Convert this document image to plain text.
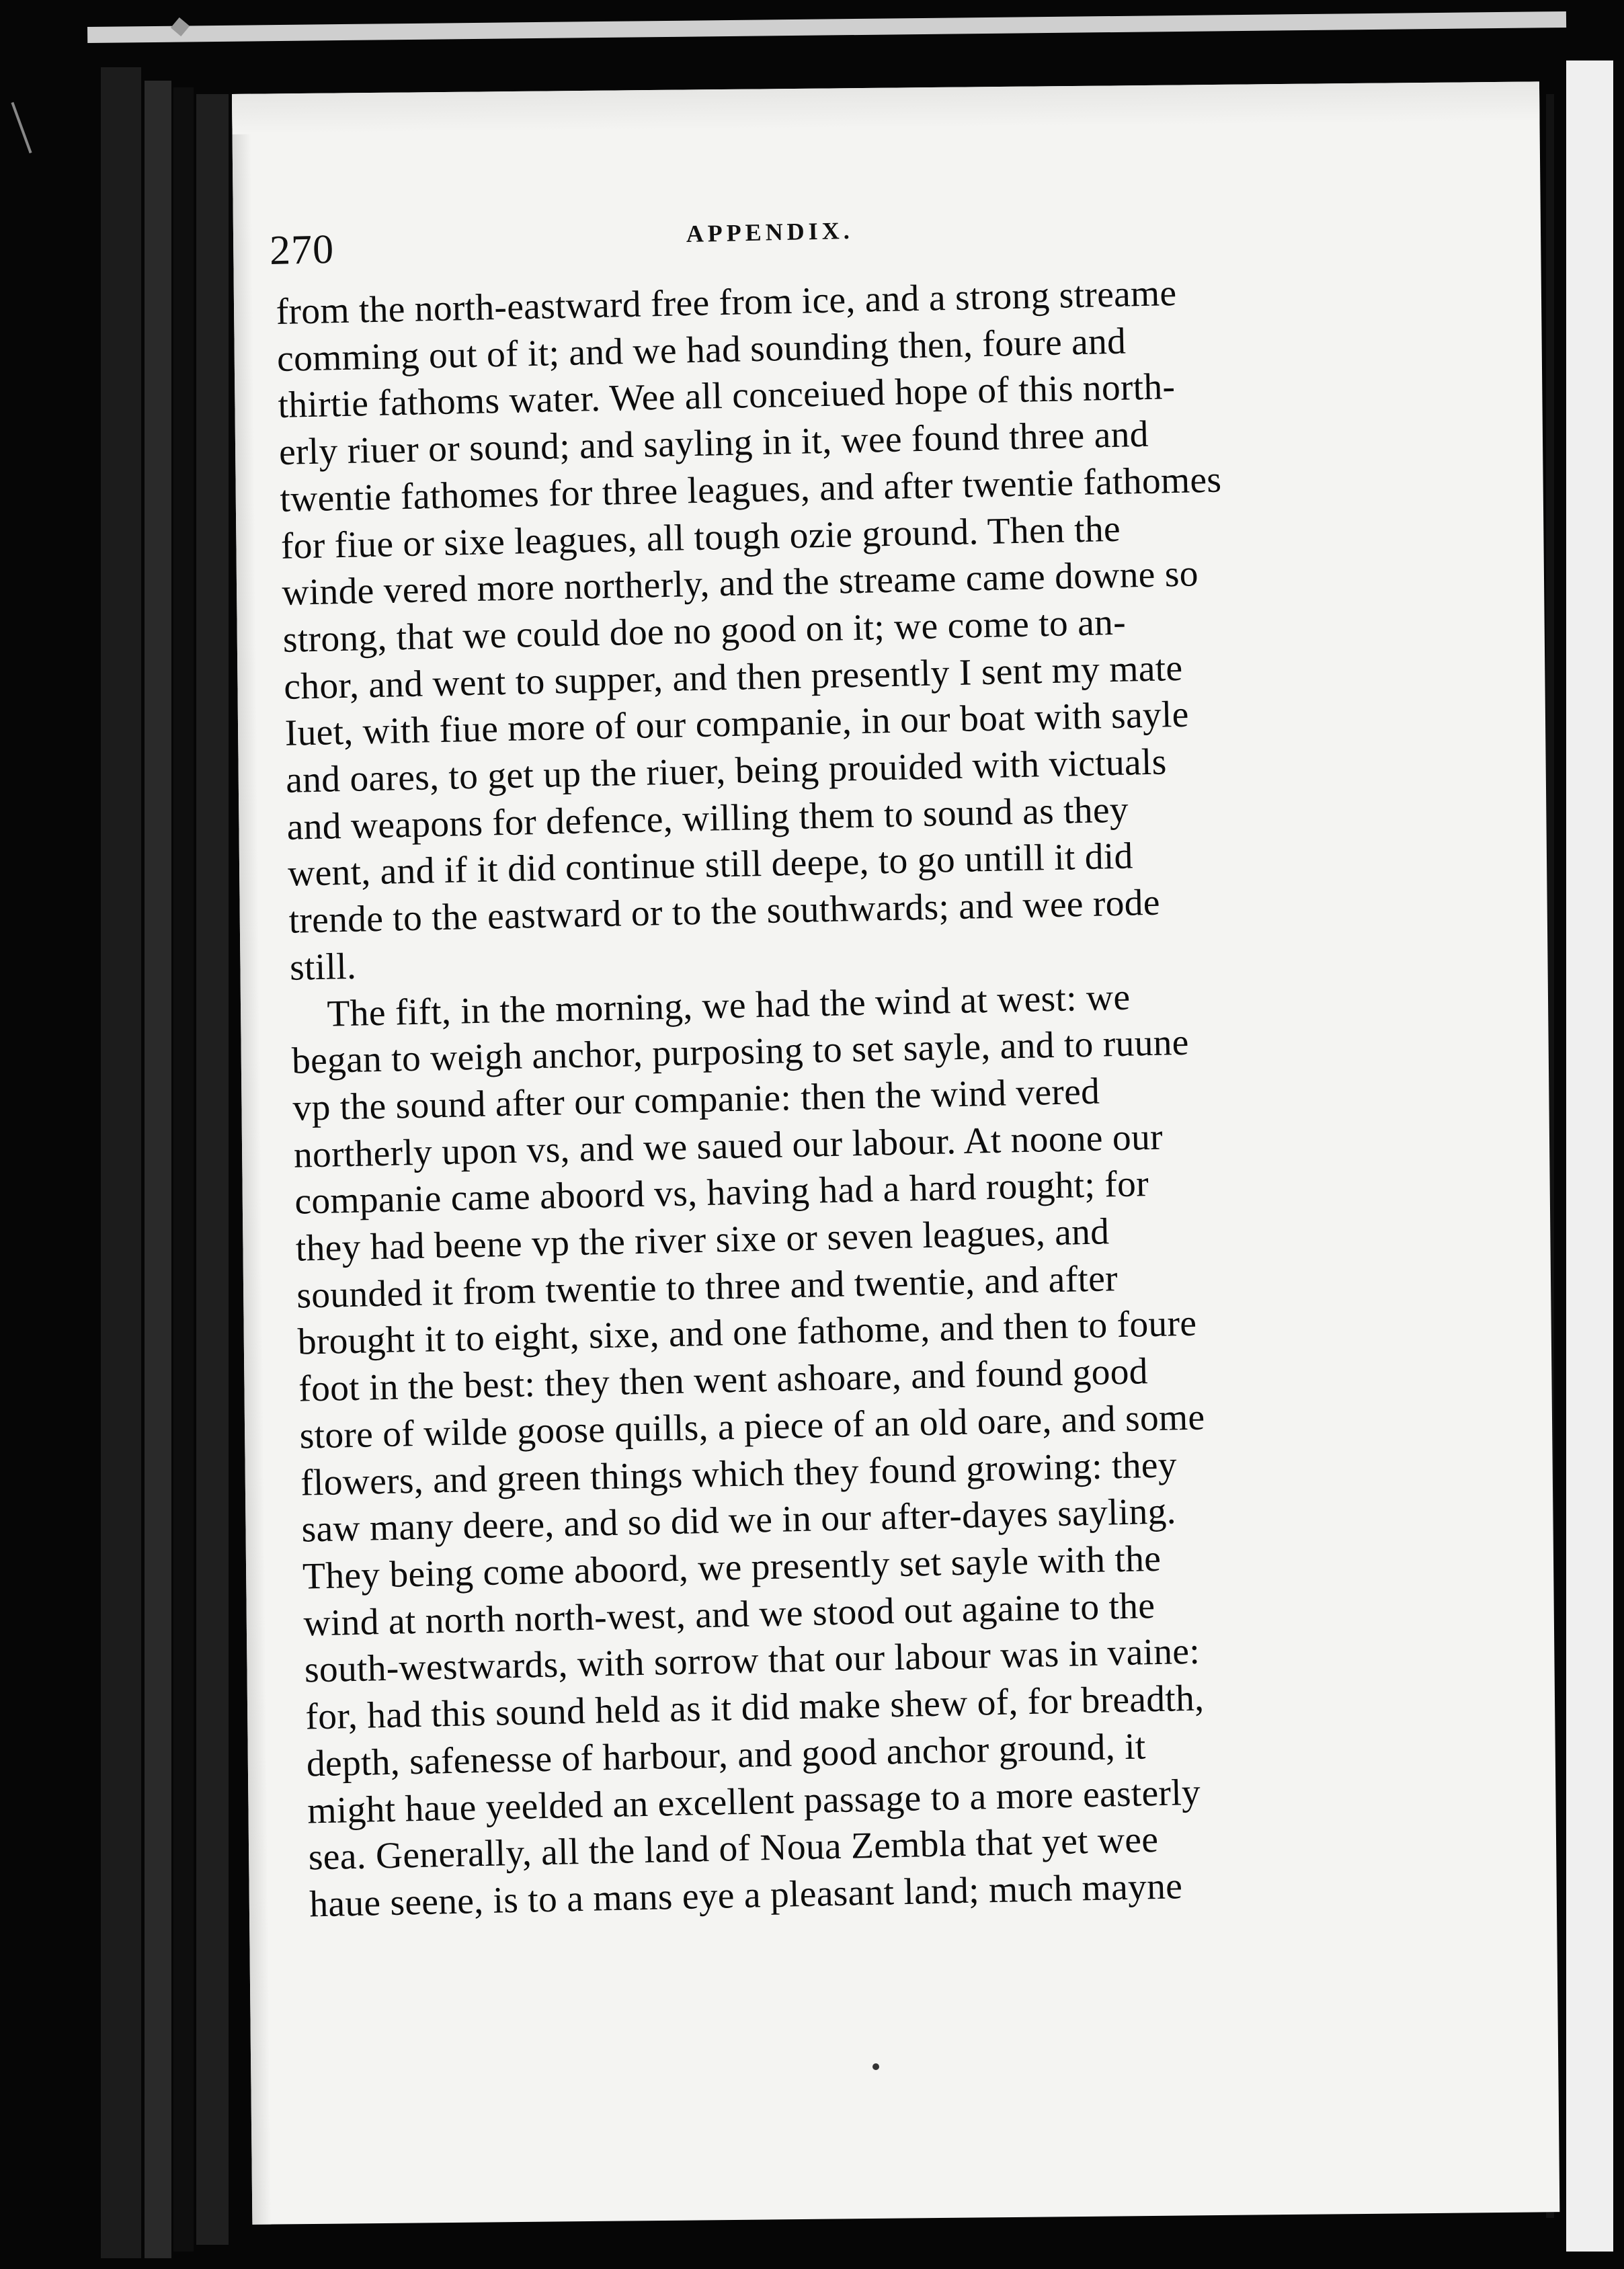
270	APPENDIX.
from the north-eastward free from ice, and a strong streame
comming out of it; and we had sounding then, foure and
thirtie fathoms water. Wee all conceiued hope of this north-
erly riuer or sound; and sayling in it, wee found three and
twentie fathomes for three leagues, and after twentie fathomes
for fiue or sixe leagues, all tough ozie ground. Then the
winde vered more northerly, and the streame came downe so
strong, that we could doe no good on it; we come to an-
chor, and went to supper, and then presently I sent my mate
Iuet, with fiue more of our companie, in our boat with sayle
and oares, to get up the riuer, being prouided with victuals
and weapons for defence, willing them to sound as they
went, and if it did continue still deepe, to go untill it did
trende to the eastward or to the southwards; and wee rode
still.
The fift, in the morning, we had the wind at west: we
began to weigh anchor, purposing to set sayle, and to ruune
vp the sound after our companie: then the wind vered
northerly upon vs, and we saued our labour. At noone our
companie came aboord vs, having had a hard rought; for
they had beene vp the river sixe or seven leagues, and
sounded it from twentie to three and twentie, and after
brought it to eight, sixe, and one fathome, and then to foure
foot in the best: they then went ashoare, and found good
store of wilde goose quills, a piece of an old oare, and some
flowers, and green things which they found growing: they
saw many deere, and so did we in our after-dayes sayling.
They being come aboord, we presently set sayle with the
wind at north north-west, and we stood out againe to the
south-westwards, with sorrow that our labour was in vaine:
for, had this sound held as it did make shew of, for breadth,
depth, safenesse of harbour, and good anchor ground, it
might haue yeelded an excellent passage to a more easterly
sea. Generally, all the land of Noua Zembla that yet wee
haue seene, is to a mans eye a pleasant land; much mayne
